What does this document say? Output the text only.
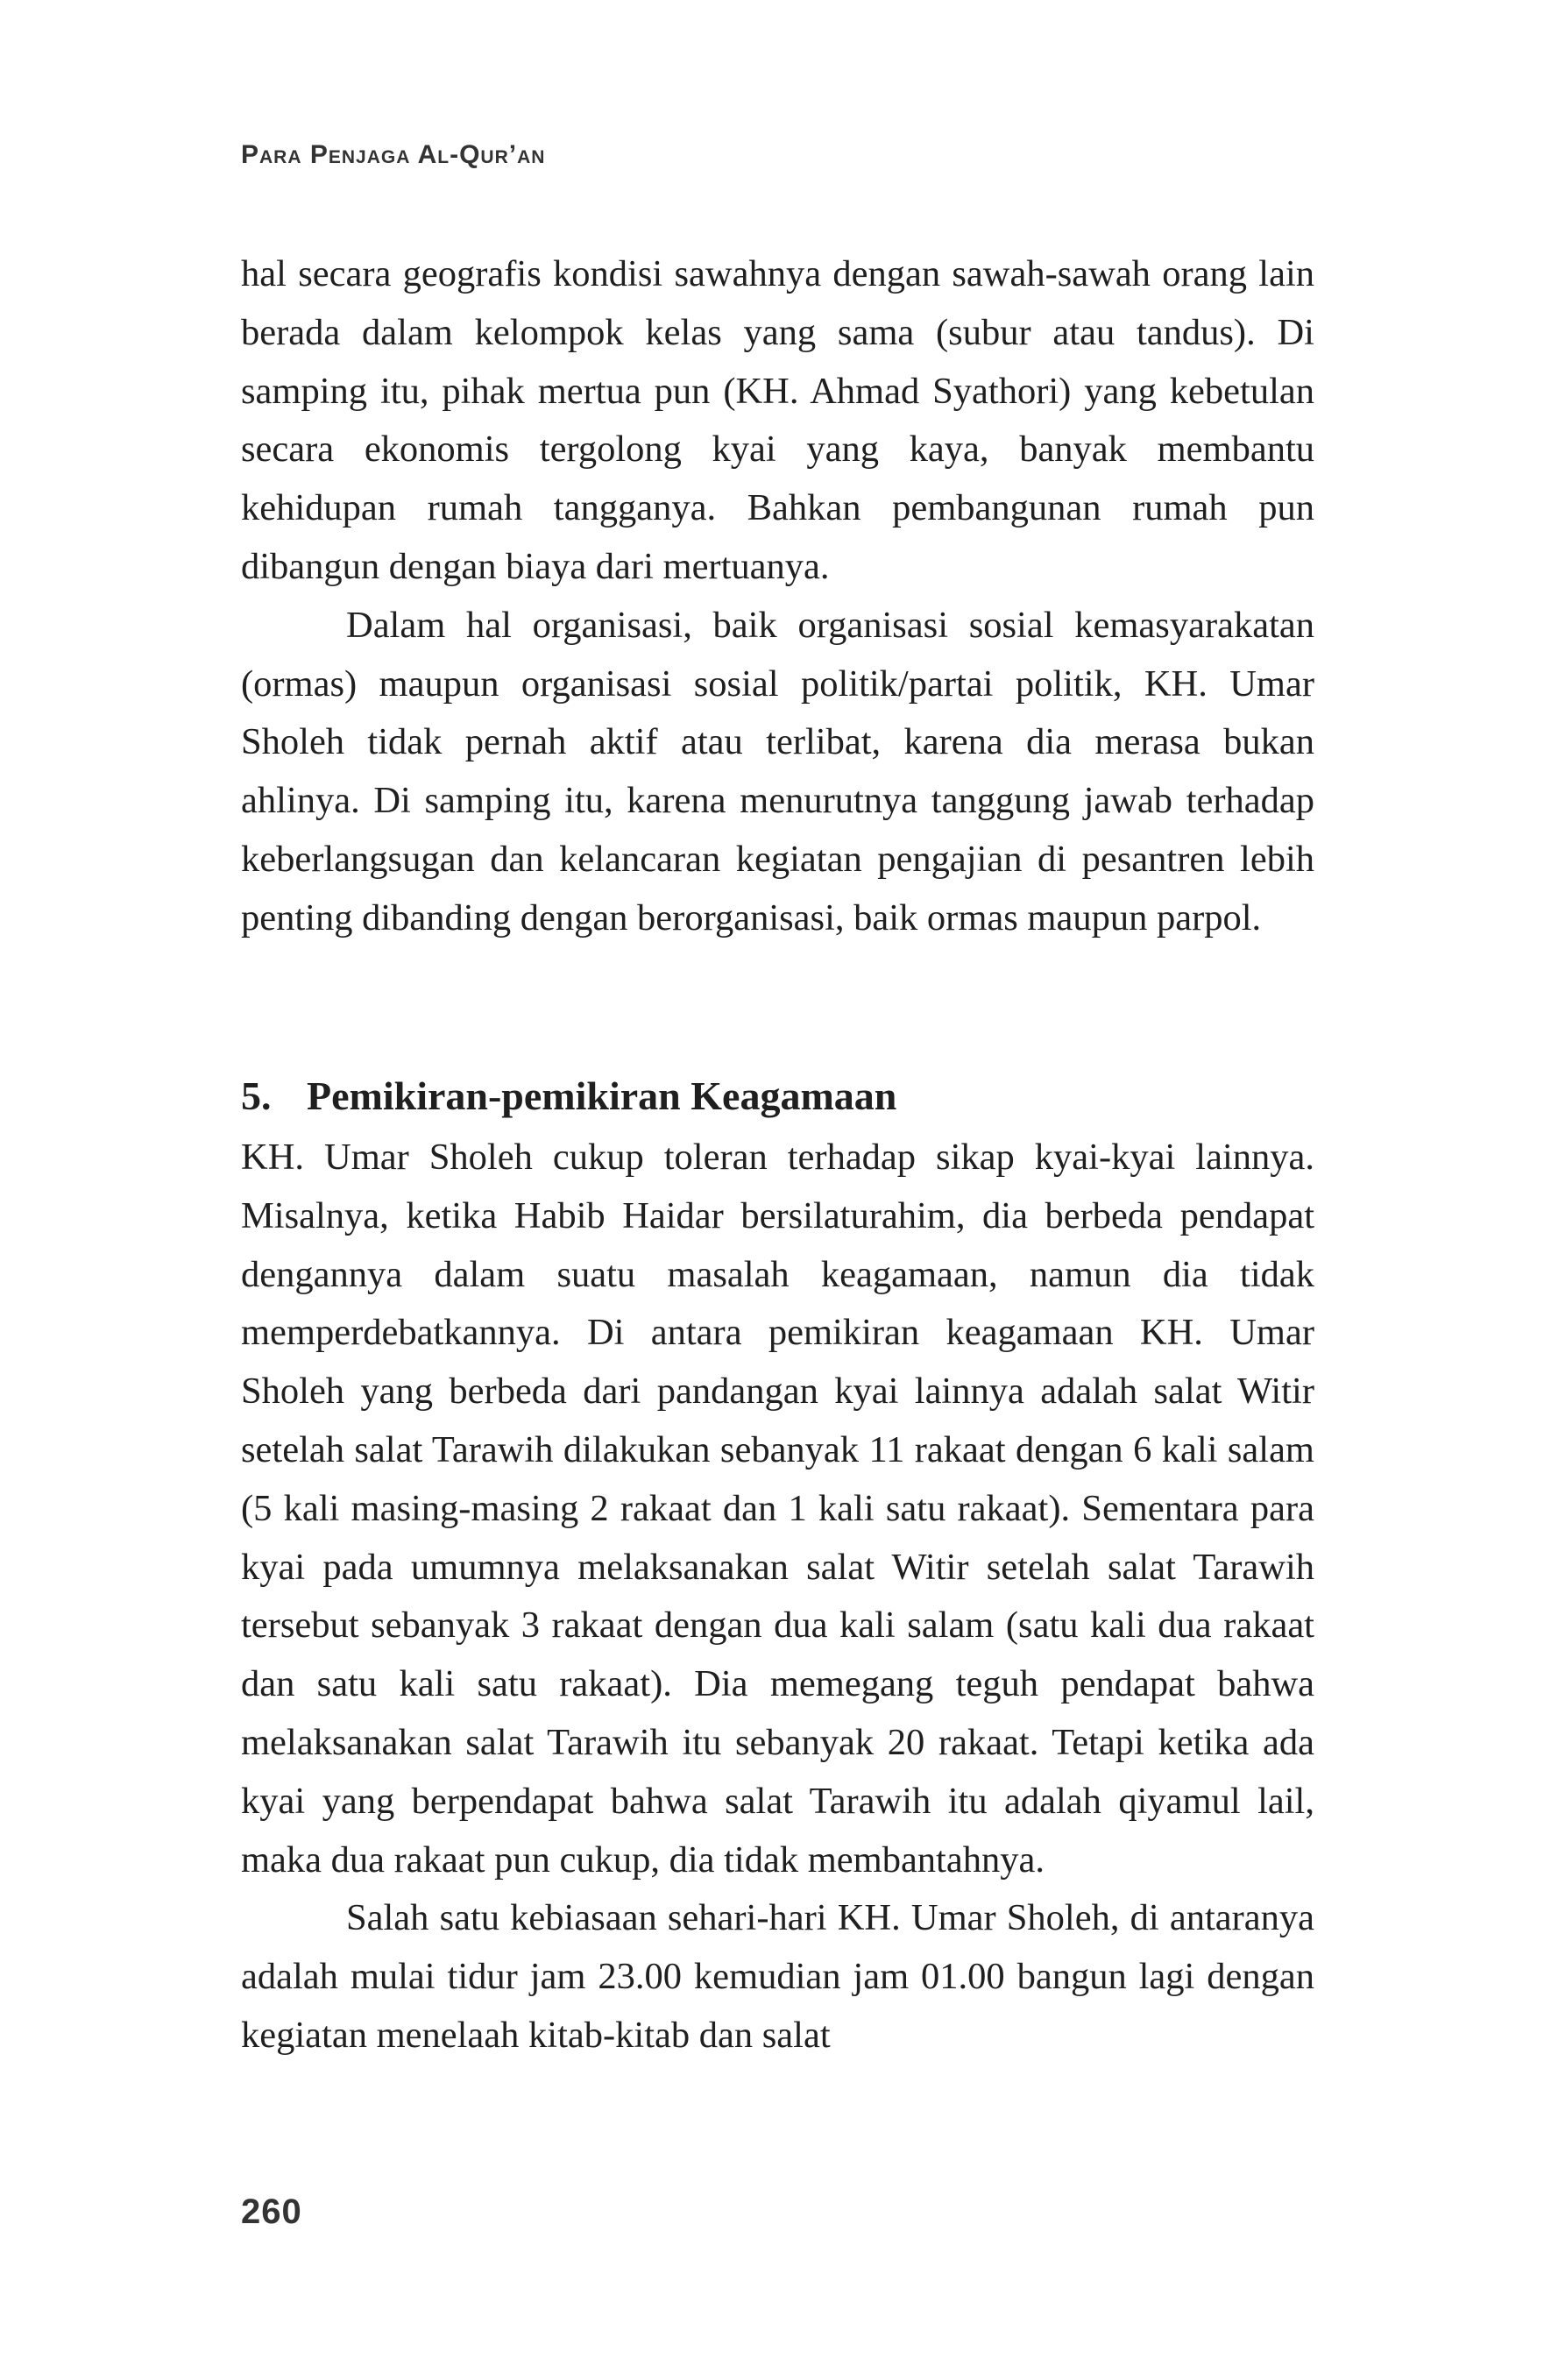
Para Penjaga Al-Qur’an

hal secara geografis kondisi sawahnya dengan sawah-sawah orang lain berada dalam kelompok kelas yang sama (subur atau tandus). Di samping itu, pihak mertua pun (KH. Ahmad Syathori) yang kebetulan secara ekonomis tergolong kyai yang kaya, banyak membantu kehidupan rumah tangganya. Bahkan pembangunan rumah pun dibangun dengan biaya dari mertuanya.

Dalam hal organisasi, baik organisasi sosial kemasyarakatan (ormas) maupun organisasi sosial politik/partai politik, KH. Umar Sholeh tidak pernah aktif atau terlibat, karena dia merasa bukan ahlinya. Di samping itu, karena menurutnya tanggung jawab terhadap keberlangsugan dan kelancaran kegiatan pengajian di pesantren lebih penting dibanding dengan berorganisasi, baik ormas maupun parpol.

5. Pemikiran-pemikiran Keagamaan

KH. Umar Sholeh cukup toleran terhadap sikap kyai-kyai lainnya. Misalnya, ketika Habib Haidar bersilaturahim, dia berbeda pendapat dengannya dalam suatu masalah keagamaan, namun dia tidak memperdebatkannya. Di antara pemikiran keagamaan KH. Umar Sholeh yang berbeda dari pandangan kyai lainnya adalah salat Witir setelah salat Tarawih dilakukan sebanyak 11 rakaat dengan 6 kali salam (5 kali masing-masing 2 rakaat dan 1 kali satu rakaat). Sementara para kyai pada umumnya melaksanakan salat Witir setelah salat Tarawih tersebut sebanyak 3 rakaat dengan dua kali salam (satu kali dua rakaat dan satu kali satu rakaat). Dia memegang teguh pendapat bahwa melaksanakan salat Tarawih itu sebanyak 20 rakaat. Tetapi ketika ada kyai yang berpendapat bahwa salat Tarawih itu adalah qiyamul lail, maka dua rakaat pun cukup, dia tidak membantahnya.

Salah satu kebiasaan sehari-hari KH. Umar Sholeh, di antaranya adalah mulai tidur jam 23.00 kemudian jam 01.00 bangun lagi dengan kegiatan menelaah kitab-kitab dan salat

260
